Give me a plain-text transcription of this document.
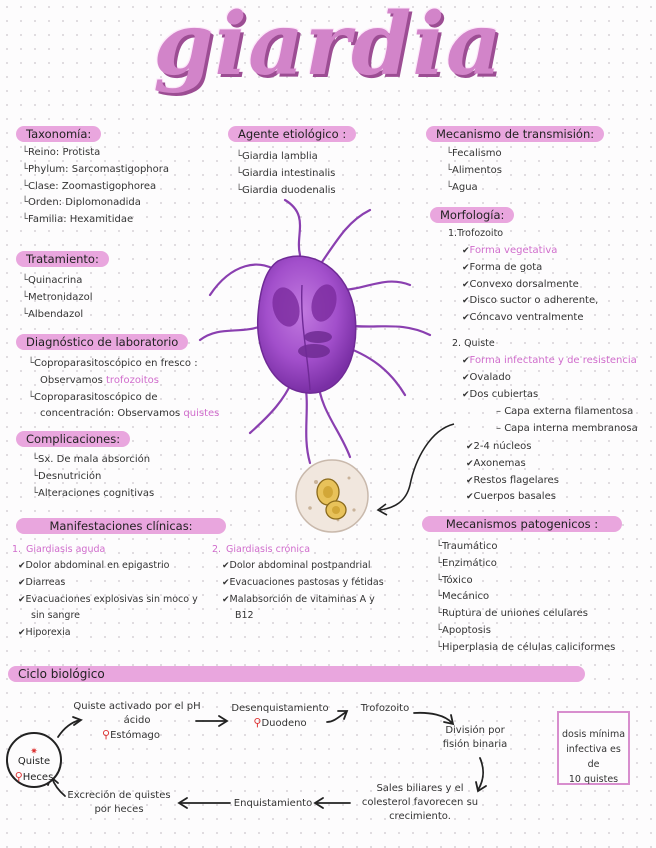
giardia
Taxonomía:
└ Reino: Protista
└ Phylum: Sarcomastigophora
└ Clase: Zoomastigophorea
└ Orden: Diplomonadida
└ Familia: Hexamitidae
Agente etiológico :
└ Giardia lamblia
└ Giardia intestinalis
└ Giardia duodenalis
Mecanismo de transmisión:
└ Fecalismo
└ Alimentos
└ Agua
Morfología:
1.Trofozoito
✔ Forma vegetativa
✔ Forma de gota
✔ Convexo dorsalmente
✔ Disco suctor o adherente,
✔ Cóncavo ventralmente
2. Quiste
✔ Forma infectante y de resistencia
✔ Ovalado
✔ Dos cubiertas
– Capa externa filamentosa
– Capa interna membranosa
✔ 2-4 núcleos
✔ Axonemas
✔ Restos flagelares
✔ Cuerpos basales
Tratamiento:
└ Quinacrina
└ Metronidazol
└ Albendazol
Diagnóstico de laboratorio
└ Coproparasitoscópico en fresco :
Observamos trofozoitos
└ Coproparasitoscópico de
concentración: Observamos quistes
Complicaciones:
└ Sx. De mala absorción
└ Desnutrición
└ Alteraciones cognitivas
Manifestaciones clínicas:
1. Giardiasis aguda
✔ Dolor abdominal en epigastrio
✔ Diarreas
✔ Evacuaciones explosivas sin moco y
sin sangre
✔ Hiporexia
2. Giardiasis crónica
✔ Dolor abdominal postpandrial
✔ Evacuaciones pastosas y fétidas
✔ Malabsorción de vitaminas A y
B12
Mecanismos patogenicos :
└ Traumático
└ Enzimático
└ Tóxico
└ Mecánico
└ Ruptura de uniones celulares
└ Apoptosis
└ Hiperplasia de células caliciformes
Ciclo biológico
✷
Quiste
⚲Heces
Quiste activado por el pH
ácido
⚲Estómago
Desenquistamiento
⚲Duodeno
Trofozoito
División por
fisión binaria
Sales biliares y el
colesterol favorecen su
crecimiento.
Enquistamiento
Excreción de quistes
por heces
dosis mínima
infectiva es de
10 quistes
